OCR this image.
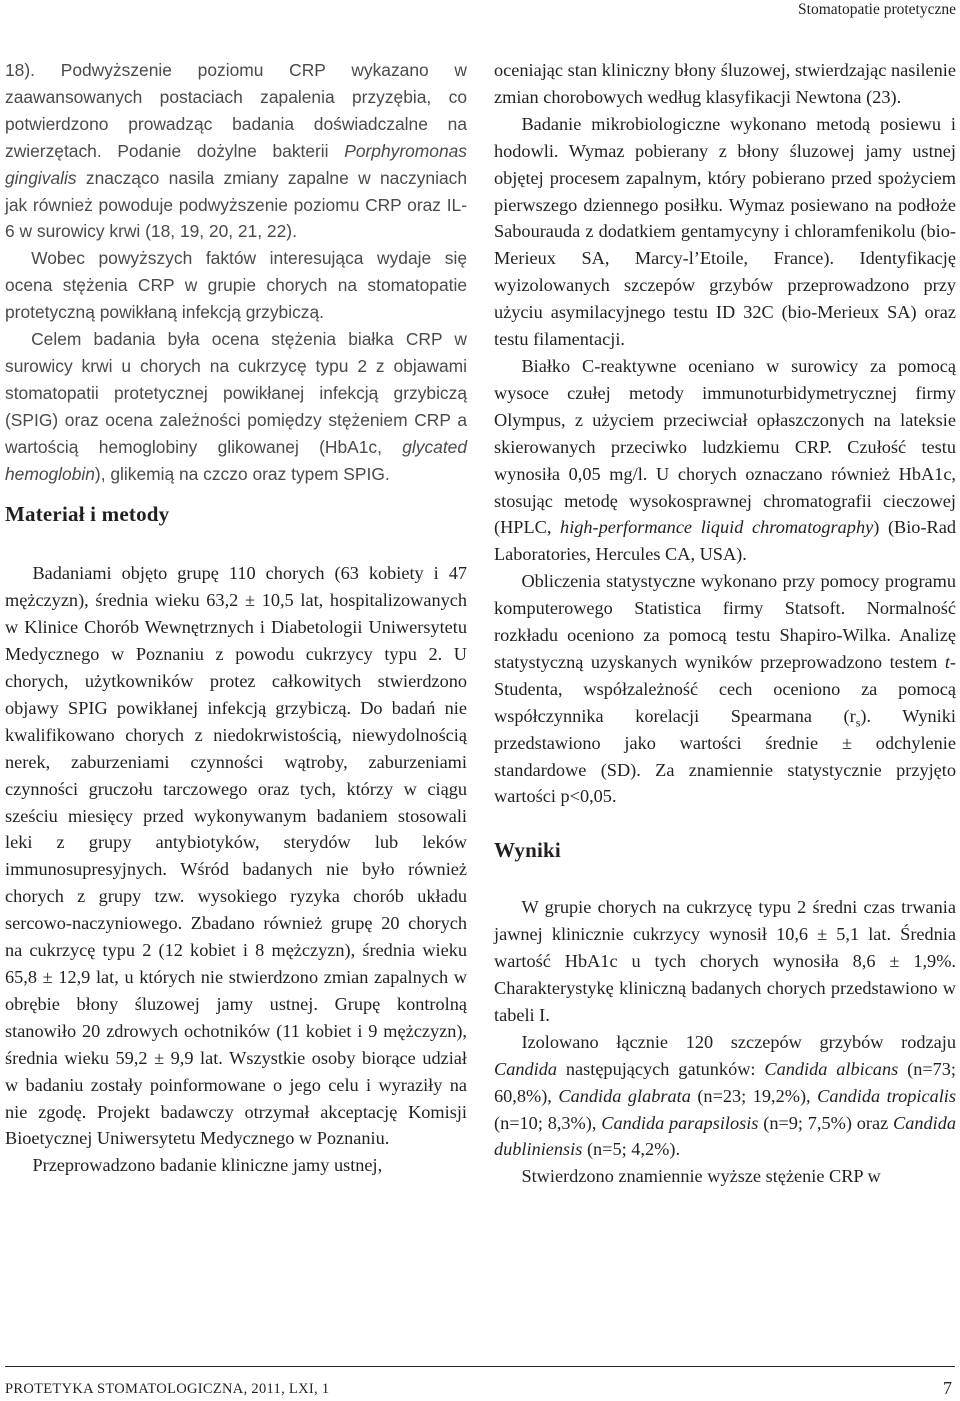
Stomatopatie protetyczne

18). Podwyższenie poziomu CRP wykazano w zaawansowanych postaciach zapalenia przyzębia, co potwierdzono prowadząc badania doświadczalne na zwierzętach. Podanie dożylne bakterii Porphyromonas gingivalis znacząco nasila zmiany zapalne w naczyniach jak również powoduje podwyższenie poziomu CRP oraz IL-6 w surowicy krwi (18, 19, 20, 21, 22).

Wobec powyższych faktów interesująca wydaje się ocena stężenia CRP w grupie chorych na stomatopatie protetyczną powikłaną infekcją grzybiczą.

Celem badania była ocena stężenia białka CRP w surowicy krwi u chorych na cukrzycę typu 2 z objawami stomatopatii protetycznej powikłanej infekcją grzybiczą (SPIG) oraz ocena zależności pomiędzy stężeniem CRP a wartością hemoglobiny glikowanej (HbA1c, glycated hemoglobin), glikemią na czczo oraz typem SPIG.

Materiał i metody

Badaniami objęto grupę 110 chorych (63 kobiety i 47 mężczyzn), średnia wieku 63,2 ± 10,5 lat, hospitalizowanych w Klinice Chorób Wewnętrznych i Diabetologii Uniwersytetu Medycznego w Poznaniu z powodu cukrzycy typu 2. U chorych, użytkowników protez całkowitych stwierdzono objawy SPIG powikłanej infekcją grzybiczą. Do badań nie kwalifikowano chorych z niedokrwistością, niewydolnością nerek, zaburzeniami czynności wątroby, zaburzeniami czynności gruczołu tarczowego oraz tych, którzy w ciągu sześciu miesięcy przed wykonywanym badaniem stosowali leki z grupy antybiotyków, sterydów lub leków immunosupresyjnych. Wśród badanych nie było również chorych z grupy tzw. wysokiego ryzyka chorób układu sercowo-naczyniowego. Zbadano również grupę 20 chorych na cukrzycę typu 2 (12 kobiet i 8 mężczyzn), średnia wieku 65,8 ± 12,9 lat, u których nie stwierdzono zmian zapalnych w obrębie błony śluzowej jamy ustnej. Grupę kontrolną stanowiło 20 zdrowych ochotników (11 kobiet i 9 mężczyzn), średnia wieku 59,2 ± 9,9 lat. Wszystkie osoby biorące udział w badaniu zostały poinformowane o jego celu i wyraziły na nie zgodę. Projekt badawczy otrzymał akceptację Komisji Bioetycznej Uniwersytetu Medycznego w Poznaniu.

Przeprowadzono badanie kliniczne jamy ustnej,

oceniając stan kliniczny błony śluzowej, stwierdzając nasilenie zmian chorobowych według klasyfikacji Newtona (23).

Badanie mikrobiologiczne wykonano metodą posiewu i hodowli. Wymaz pobierany z błony śluzowej jamy ustnej objętej procesem zapalnym, który pobierano przed spożyciem pierwszego dziennego posiłku. Wymaz posiewano na podłoże Sabourauda z dodatkiem gentamycyny i chloramfenikolu (bio-Merieux SA, Marcy-l’Etoile, France). Identyfikację wyizolowanych szczepów grzybów przeprowadzono przy użyciu asymilacyjnego testu ID 32C (bio-Merieux SA) oraz testu filamentacji.

Białko C-reaktywne oceniano w surowicy za pomocą wysoce czułej metody immunoturbidymetrycznej firmy Olympus, z użyciem przeciwciał opłaszczonych na lateksie skierowanych przeciwko ludzkiemu CRP. Czułość testu wynosiła 0,05 mg/l. U chorych oznaczano również HbA1c, stosując metodę wysokosprawnej chromatografii cieczowej (HPLC, high-performance liquid chromatography) (Bio-Rad Laboratories, Hercules CA, USA).

Obliczenia statystyczne wykonano przy pomocy programu komputerowego Statistica firmy Statsoft. Normalność rozkładu oceniono za pomocą testu Shapiro-Wilka. Analizę statystyczną uzyskanych wyników przeprowadzono testem t-Studenta, współzależność cech oceniono za pomocą współczynnika korelacji Spearmana $(r_s)$. Wyniki przedstawiono jako wartości średnie ± odchylenie standardowe (SD). Za znamiennie statystycznie przyjęto wartości p<0,05.

Wyniki

W grupie chorych na cukrzycę typu 2 średni czas trwania jawnej klinicznie cukrzycy wynosił 10,6 ± 5,1 lat. Średnia wartość HbA1c u tych chorych wynosiła 8,6 ± 1,9%. Charakterystykę kliniczną badanych chorych przedstawiono w tabeli I.

Izolowano łącznie 120 szczepów grzybów rodzaju Candida następujących gatunków: Candida albicans (n=73; 60,8%), Candida glabrata (n=23; 19,2%), Candida tropicalis (n=10; 8,3%), Candida parapsilosis (n=9; 7,5%) oraz Candida dubliniensis (n=5; 4,2%).

Stwierdzono znamiennie wyższe stężenie CRP w

PROTETYKA STOMATOLOGICZNA, 2011, LXI, 1	7
